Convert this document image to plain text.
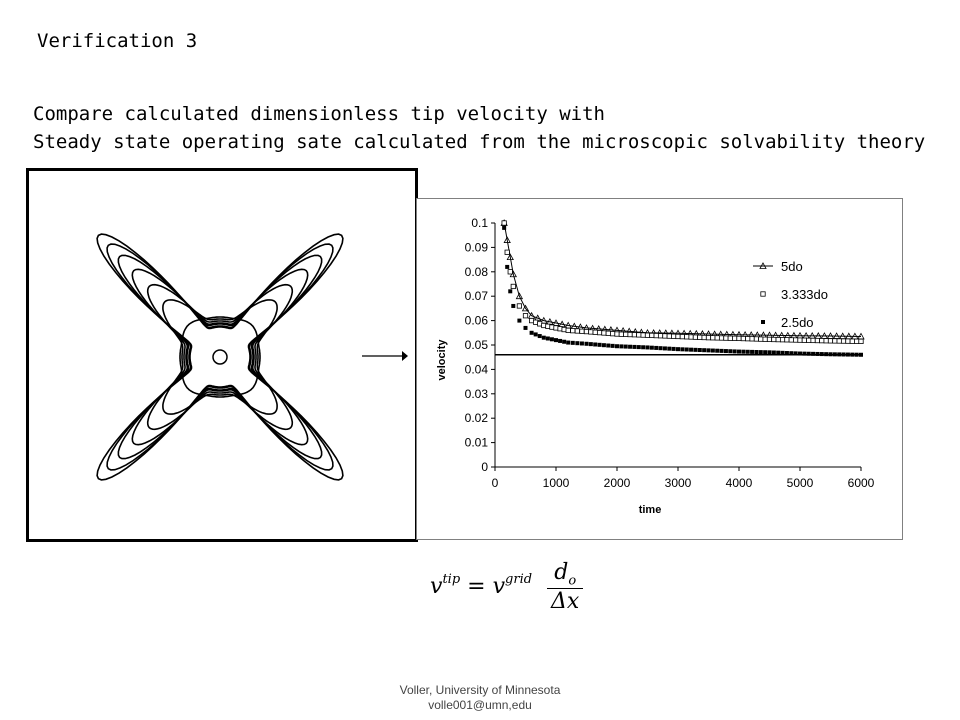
Verification 3
Compare calculated dimensionless tip velocity with
Steady state operating sate calculated from the microscopic solvability theory
0
0.01
0.02
0.03
0.04
0.05
0.06
0.07
0.08
0.09
0.1
0	1000	2000	3000	4000	5000	6000
time
velocity
5do
3.333do
2.5do
$v^{tip} = v^{grid} \frac{d_o}{\Delta x}$
Voller, University of Minnesota
volle001@umn,edu
